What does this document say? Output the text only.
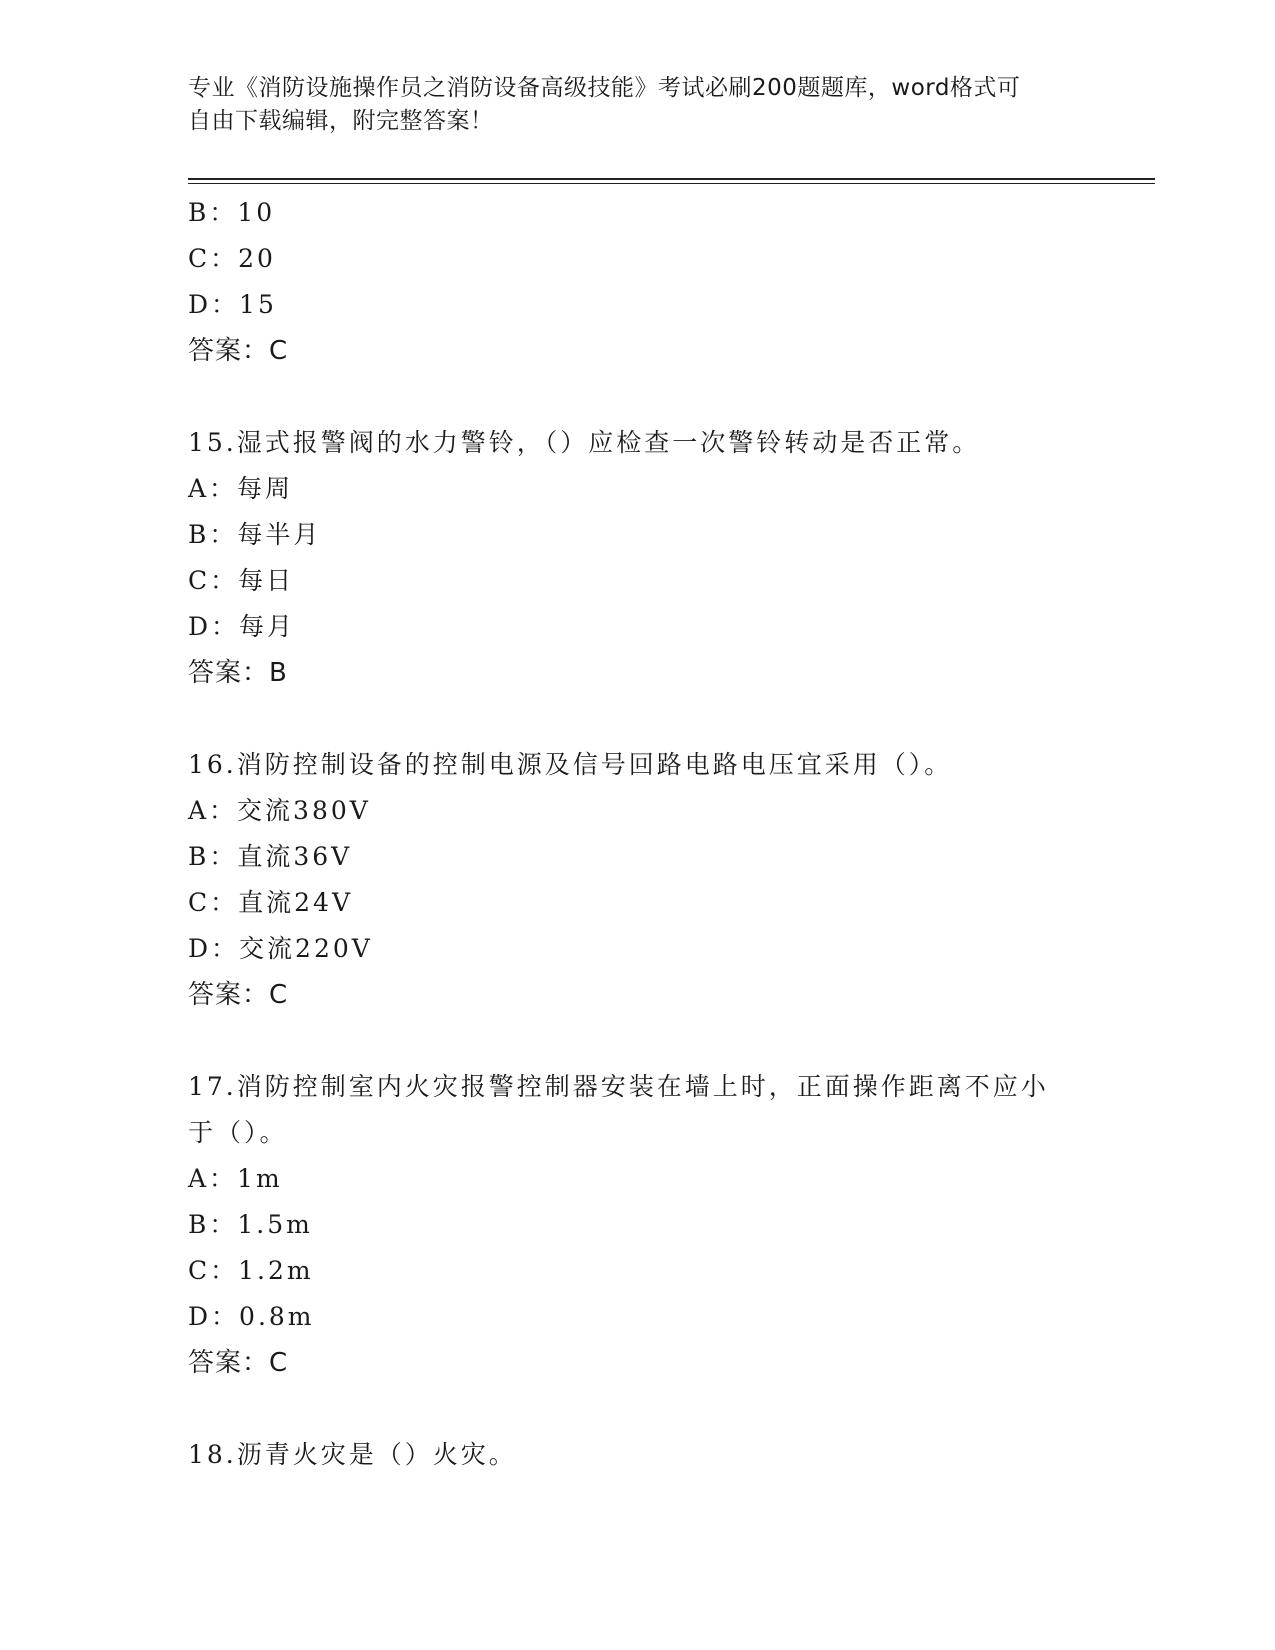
专业《消防设施操作员之消防设备高级技能》考试必刷200题题库，word格式可
自由下载编辑，附完整答案！
B：10
C：20
D：15
答案：C
15.湿式报警阀的水力警铃，（）应检查一次警铃转动是否正常。
A：每周
B：每半月
C：每日
D：每月
答案：B
16.消防控制设备的控制电源及信号回路电路电压宜采用（）。
A：交流380V
B：直流36V
C：直流24V
D：交流220V
答案：C
17.消防控制室内火灾报警控制器安装在墙上时，正面操作距离不应小
于（）。
A：1m
B：1.5m
C：1.2m
D：0.8m
答案：C
18.沥青火灾是（）火灾。
